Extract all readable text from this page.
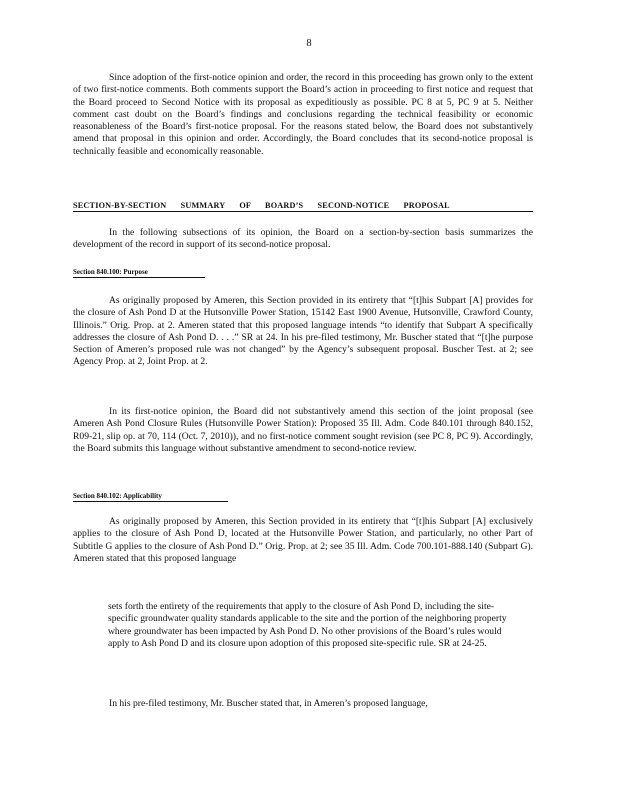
8

Since adoption of the first-notice opinion and order, the record in this proceeding has grown only to the extent of two first-notice comments. Both comments support the Board’s action in proceeding to first notice and request that the Board proceed to Second Notice with its proposal as expeditiously as possible. PC 8 at 5, PC 9 at 5. Neither comment cast doubt on the Board’s findings and conclusions regarding the technical feasibility or economic reasonableness of the Board’s first-notice proposal. For the reasons stated below, the Board does not substantively amend that proposal in this opinion and order. Accordingly, the Board concludes that its second-notice proposal is technically feasible and economically reasonable.

SECTION-BY-SECTION SUMMARY OF BOARD’S SECOND-NOTICE PROPOSAL

In the following subsections of its opinion, the Board on a section-by-section basis summarizes the development of the record in support of its second-notice proposal.

Section 840.100: Purpose

As originally proposed by Ameren, this Section provided in its entirety that “[t]his Subpart [A] provides for the closure of Ash Pond D at the Hutsonville Power Station, 15142 East 1900 Avenue, Hutsonville, Crawford County, Illinois.” Orig. Prop. at 2. Ameren stated that this proposed language intends “to identify that Subpart A specifically addresses the closure of Ash Pond D. . . .” SR at 24. In his pre-filed testimony, Mr. Buscher stated that “[t]he purpose Section of Ameren’s proposed rule was not changed” by the Agency’s subsequent proposal. Buscher Test. at 2; see Agency Prop. at 2, Joint Prop. at 2.

In its first-notice opinion, the Board did not substantively amend this section of the joint proposal (see Ameren Ash Pond Closure Rules (Hutsonville Power Station): Proposed 35 Ill. Adm. Code 840.101 through 840.152, R09-21, slip op. at 70, 114 (Oct. 7, 2010)), and no first-notice comment sought revision (see PC 8, PC 9). Accordingly, the Board submits this language without substantive amendment to second-notice review.

Section 840.102: Applicability

As originally proposed by Ameren, this Section provided in its entirety that “[t]his Subpart [A] exclusively applies to the closure of Ash Pond D, located at the Hutsonville Power Station, and particularly, no other Part of Subtitle G applies to the closure of Ash Pond D.” Orig. Prop. at 2; see 35 Ill. Adm. Code 700.101-888.140 (Subpart G). Ameren stated that this proposed language

sets forth the entirety of the requirements that apply to the closure of Ash Pond D, including the site-specific groundwater quality standards applicable to the site and the portion of the neighboring property where groundwater has been impacted by Ash Pond D. No other provisions of the Board’s rules would apply to Ash Pond D and its closure upon adoption of this proposed site-specific rule. SR at 24-25.

In his pre-filed testimony, Mr. Buscher stated that, in Ameren’s proposed language,
